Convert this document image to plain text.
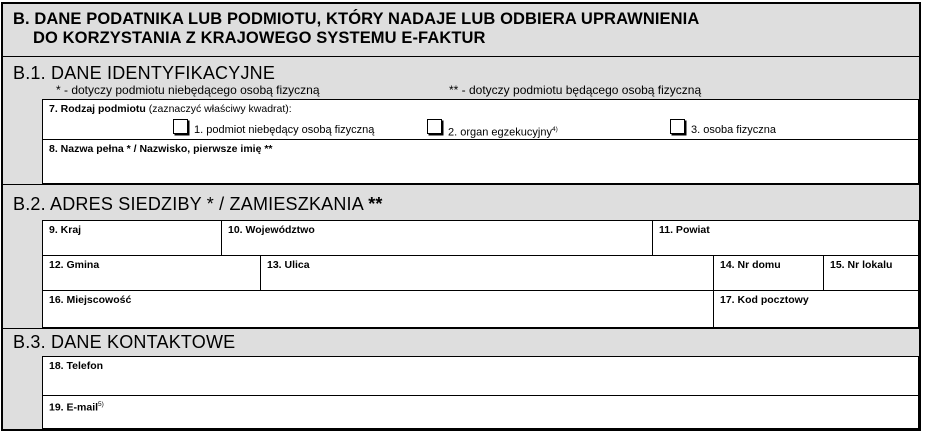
B. DANE PODATNIKA LUB PODMIOTU, KTÓRY NADAJE LUB ODBIERA UPRAWNIENIA
DO KORZYSTANIA Z KRAJOWEGO SYSTEMU E-FAKTUR
B.1. DANE IDENTYFIKACYJNE
* - dotyczy podmiotu niebędącego osobą fizyczną	** - dotyczy podmiotu będącego osobą fizyczną
7. Rodzaj podmiotu (zaznaczyć właściwy kwadrat):
1. podmiot niebędący osobą fizyczną	2. organ egzekucyjny$^{4)}$	3. osoba fizyczna
8. Nazwa pełna * / Nazwisko, pierwsze imię **
B.2. ADRES SIEDZIBY * / ZAMIESZKANIA **
9. Kraj	10. Województwo	11. Powiat
12. Gmina	13. Ulica	14. Nr domu	15. Nr lokalu
16. Miejscowość	17. Kod pocztowy
B.3. DANE KONTAKTOWE
18. Telefon
19. E-mail$^{5)}$
